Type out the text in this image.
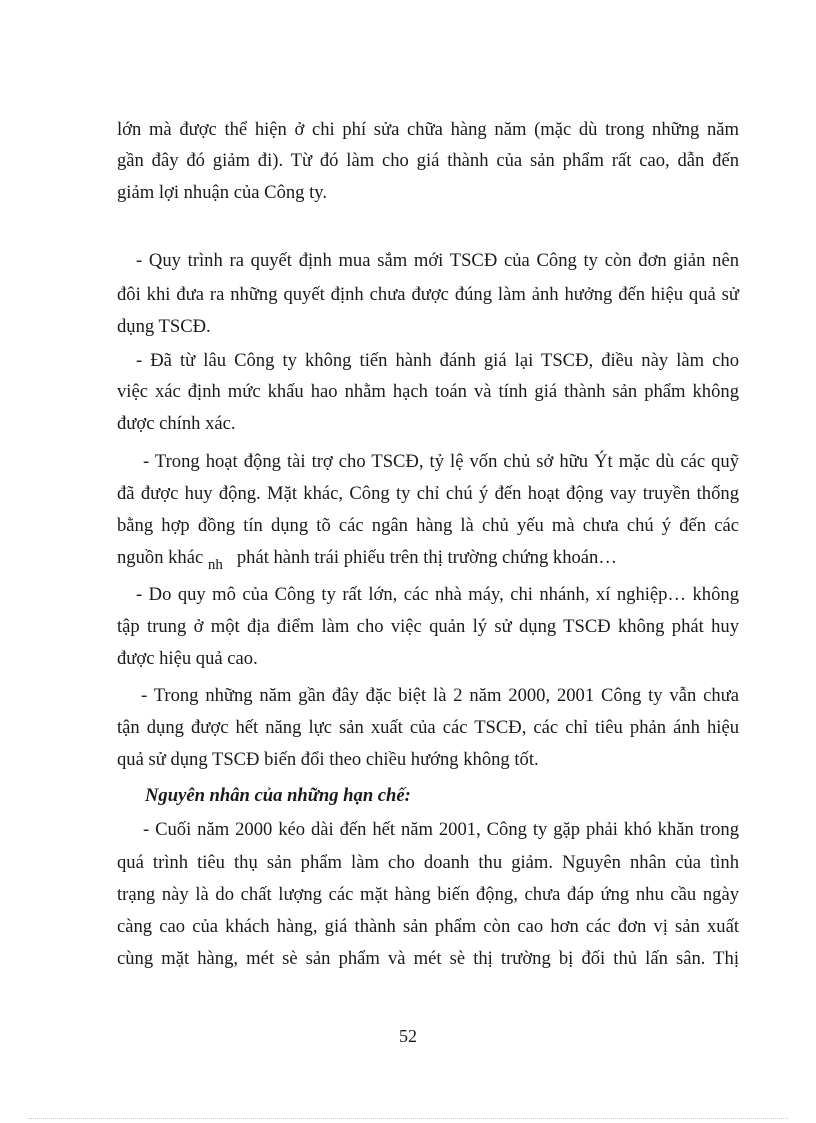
lớn mà được thể hiện ở chi phí sửa chữa hàng năm (mặc dù trong những năm
gần đây đó giảm đi). Từ đó làm cho giá thành của sản phẩm rất cao, dẫn đến
giảm lợi nhuận của Công ty.
- Quy trình ra quyết định mua sắm mới TSCĐ của Công ty còn đơn giản nên
đôi khi đưa ra những quyết định chưa được đúng làm ảnh hưởng đến hiệu quả sử
dụng TSCĐ.
- Đã từ lâu Công ty không tiến hành đánh giá lại TSCĐ, điều này làm cho
việc xác định mức khấu hao nhằm hạch toán và tính giá thành sản phẩm không
được chính xác.
- Trong hoạt động tài trợ cho TSCĐ, tỷ lệ vốn chủ sở hữu Ýt mặc dù các quỹ
đã được huy động. Mặt khác, Công ty chỉ chú ý đến hoạt động vay truyền thống
bằng hợp đồng tín dụng tõ các ngân hàng là chủ yếu mà chưa chú ý đến các
nguồn khác $_{nh}$ phát hành trái phiếu trên thị trường chứng khoán…
- Do quy mô của Công ty rất lớn, các nhà máy, chi nhánh, xí nghiệp… không
tập trung ở một địa điểm làm cho việc quản lý sử dụng TSCĐ không phát huy
được hiệu quả cao.
- Trong những năm gần đây đặc biệt là 2 năm 2000, 2001 Công ty vẫn chưa
tận dụng được hết năng lực sản xuất của các TSCĐ, các chỉ tiêu phản ánh hiệu
quả sử dụng TSCĐ biến đổi theo chiều hướng không tốt.
Nguyên nhân của những hạn chế:
- Cuối năm 2000 kéo dài đến hết năm 2001, Công ty gặp phải khó khăn trong
quá trình tiêu thụ sản phẩm làm cho doanh thu giảm. Nguyên nhân của tình
trạng này là do chất lượng các mặt hàng biến động, chưa đáp ứng nhu cầu ngày
càng cao của khách hàng, giá thành sản phẩm còn cao hơn các đơn vị sản xuất
cùng mặt hàng, mét sè sản phẩm và mét sè thị trường bị đối thủ lấn sân. Thị
52
